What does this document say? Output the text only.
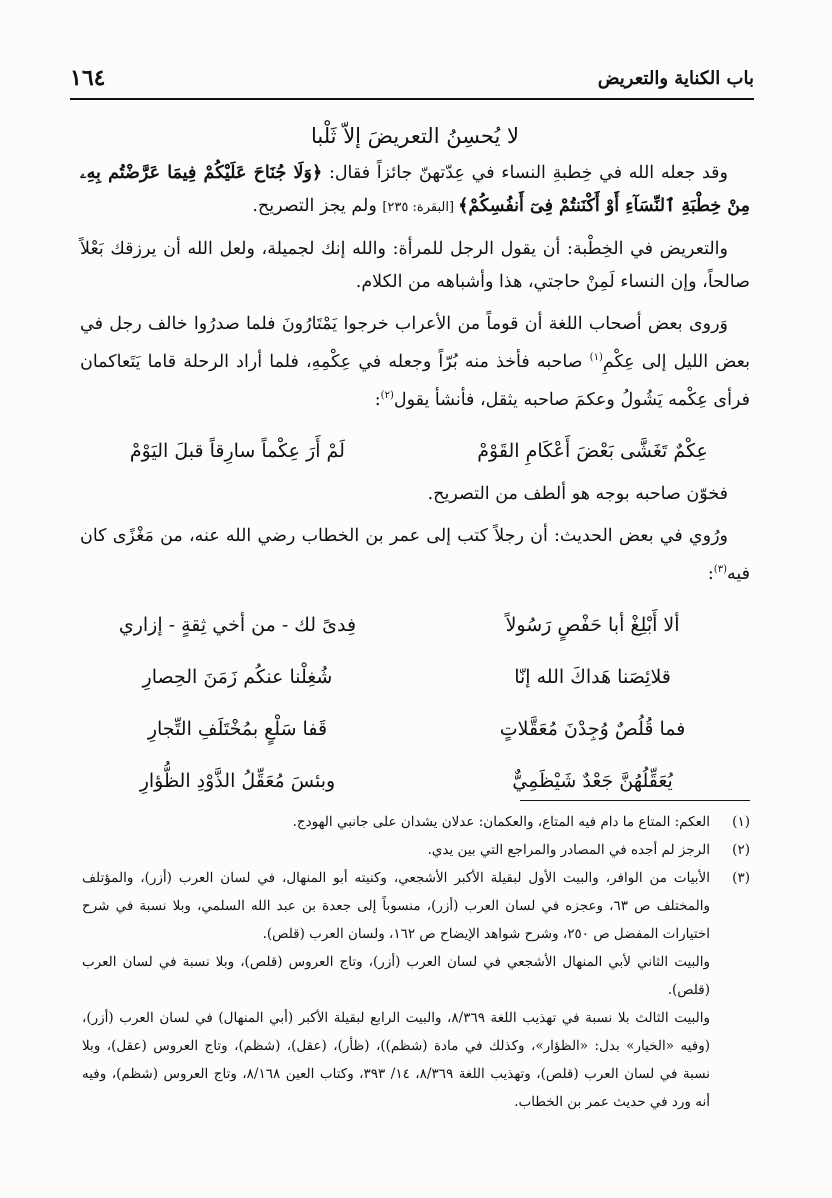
باب الكناية والتعريض
١٦٤
لا يُحسِنُ التعريضَ إلاّ ثَلْبا

وقد جعله الله في خِطبةِ النساء في عِدّتهنّ جائزاً فقال: ﴿وَلَا جُنَاحَ عَلَيْكُمْ فِيمَا عَرَّضْتُم بِهِۦ مِنْ خِطْبَةِ ٱلنِّسَآءِ أَوْ أَكْنَنتُمْ فِىٓ أَنفُسِكُمْ﴾ [البقرة: ٢٣٥] ولم يجز التصريح.

والتعريض في الخِطْبة: أن يقول الرجل للمرأة: والله إنك لجميلة، ولعل الله أن يرزقك بَعْلاً صالحاً، وإن النساء لَمِنْ حاجتي، هذا وأشباهه من الكلام.

وَروى بعض أصحاب اللغة أن قوماً من الأعراب خرجوا يَمْتَارُونَ فلما صدرُوا خالف رجل في بعض الليل إلى عِكْمِ$^{(١)}$ صاحبه فأخذ منه بُرّاً وجعله في عِكْمِهِ، فلما أراد الرحلة قاما يَتَعاكمان فرأى عِكْمه يَشُولُ وعكمَ صاحبه يثقل، فأنشأ يقول$^{(٢)}$:

عِكْمٌ تَغَشَّى بَعْضَ أَعْكَامِ القَوْمْ
لَمْ أَرَ عِكْماً سارِقاً قبلَ اليَوْمْ

فخوّن صاحبه بوجه هو ألطف من التصريح.

ورُوي في بعض الحديث: أن رجلاً كتب إلى عمر بن الخطاب رضي الله عنه، من مَغْزًى كان فيه$^{(٣)}$:

ألا أَبْلِغْ أبا حَفْصٍ رَسُولاً
فِدىً لك - من أخي ثِقةٍ - إزاري
قلائِصَنا هَداكَ الله إنّا
شُغِلْنا عنكُم زَمَنَ الحِصارِ
فما قُلُصٌ وُجِدْنَ مُعَقَّلاتٍ
قَفا سَلْعٍ بمُخْتَلَفِ التِّجارِ
يُعَقِّلُهُنَّ جَعْدٌ شَيْظَمِيٌّ
وبئسَ مُعَقِّلُ الذَّوْدِ الظُّؤارِ
(١)
العكم: المتاع ما دام فيه المتاع، والعكمان: عدلان يشدان على جانبي الهودج.
(٢)
الرجز لم أجده في المصادر والمراجع التي بين يدي.
(٣)
الأبيات من الوافر، والبيت الأول لبقيلة الأكبر الأشجعي، وكنيته أبو المنهال، في لسان العرب (أزر)، والمؤتلف والمختلف ص ٦٣، وعجزه في لسان العرب (أزر)، منسوباً إلى جعدة بن عبد الله السلمي، وبلا نسبة في شرح اختيارات المفضل ص ٢٥٠، وشرح شواهد الإيضاح ص ١٦٢، ولسان العرب (قلص).
والبيت الثاني لأبي المنهال الأشجعي في لسان العرب (أزر)، وتاج العروس (قلص)، وبلا نسبة في لسان العرب (قلص).
والبيت الثالث بلا نسبة في تهذيب اللغة ٨/٣٦٩، والبيت الرابع لبقيلة الأكبر (أبي المنهال) في لسان العرب (أزر)، (وفيه «الخيار» بدل: «الظؤار»، وكذلك في مادة (شظم))، (ظأر)، (عقل)، (شظم)، وتاج العروس (عقل)، وبلا نسبة في لسان العرب (قلص)، وتهذيب اللغة ٨/٣٦٩، ١٤/ ٣٩٣، وكتاب العين ٨/١٦٨، وتاج العروس (شظم)، وفيه أنه ورد في حديث عمر بن الخطاب.
